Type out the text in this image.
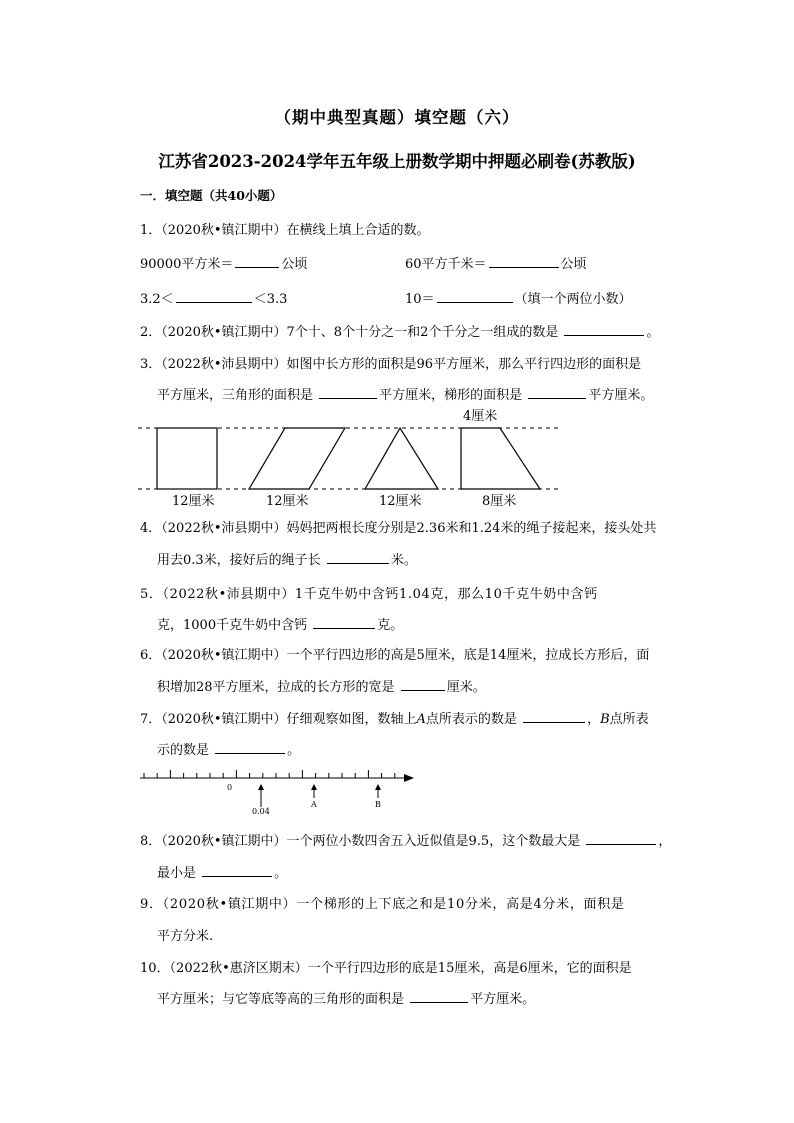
（期中典型真题）填空题（六）
江苏省2023-2024学年五年级上册数学期中押题必刷卷(苏教版)
一．填空题（共40小题）
1．（2020秋•镇江期中）在横线上填上合适的数。
90000平方米＝	公顷	60平方千米＝	公顷
3.2＜	＜3.3	10＝	（填一个两位小数）
2．（2020秋•镇江期中）7个十、8个十分之一和2个千分之一组成的数是	。
3．（2022秋•沛县期中）如图中长方形的面积是96平方厘米，那么平行四边形的面积是
平方厘米，三角形的面积是	平方厘米，梯形的面积是	平方厘米。
4厘米
12厘米	12厘米	12厘米	8厘米
4．（2022秋•沛县期中）妈妈把两根长度分别是2.36米和1.24米的绳子接起来，接头处共
用去0.3米，接好后的绳子长	米。
5．（2022秋•沛县期中）1千克牛奶中含钙1.04克，那么10千克牛奶中含钙
克，1000千克牛奶中含钙	克。
6．（2020秋•镇江期中）一个平行四边形的高是5厘米，底是14厘米，拉成长方形后，面
积增加28平方厘米，拉成的长方形的宽是	厘米。
7．（2020秋•镇江期中）仔细观察如图，数轴上A点所表示的数是	，B点所表
示的数是	。
0
0.04
A	B
8．（2020秋•镇江期中）一个两位小数四舍五入近似值是9.5，这个数最大是	，
最小是	。
9．（2020秋•镇江期中）一个梯形的上下底之和是10分米，高是4分米，面积是
平方分米.
10．（2022秋•惠济区期末）一个平行四边形的底是15厘米，高是6厘米，它的面积是
平方厘米；与它等底等高的三角形的面积是	平方厘米。
